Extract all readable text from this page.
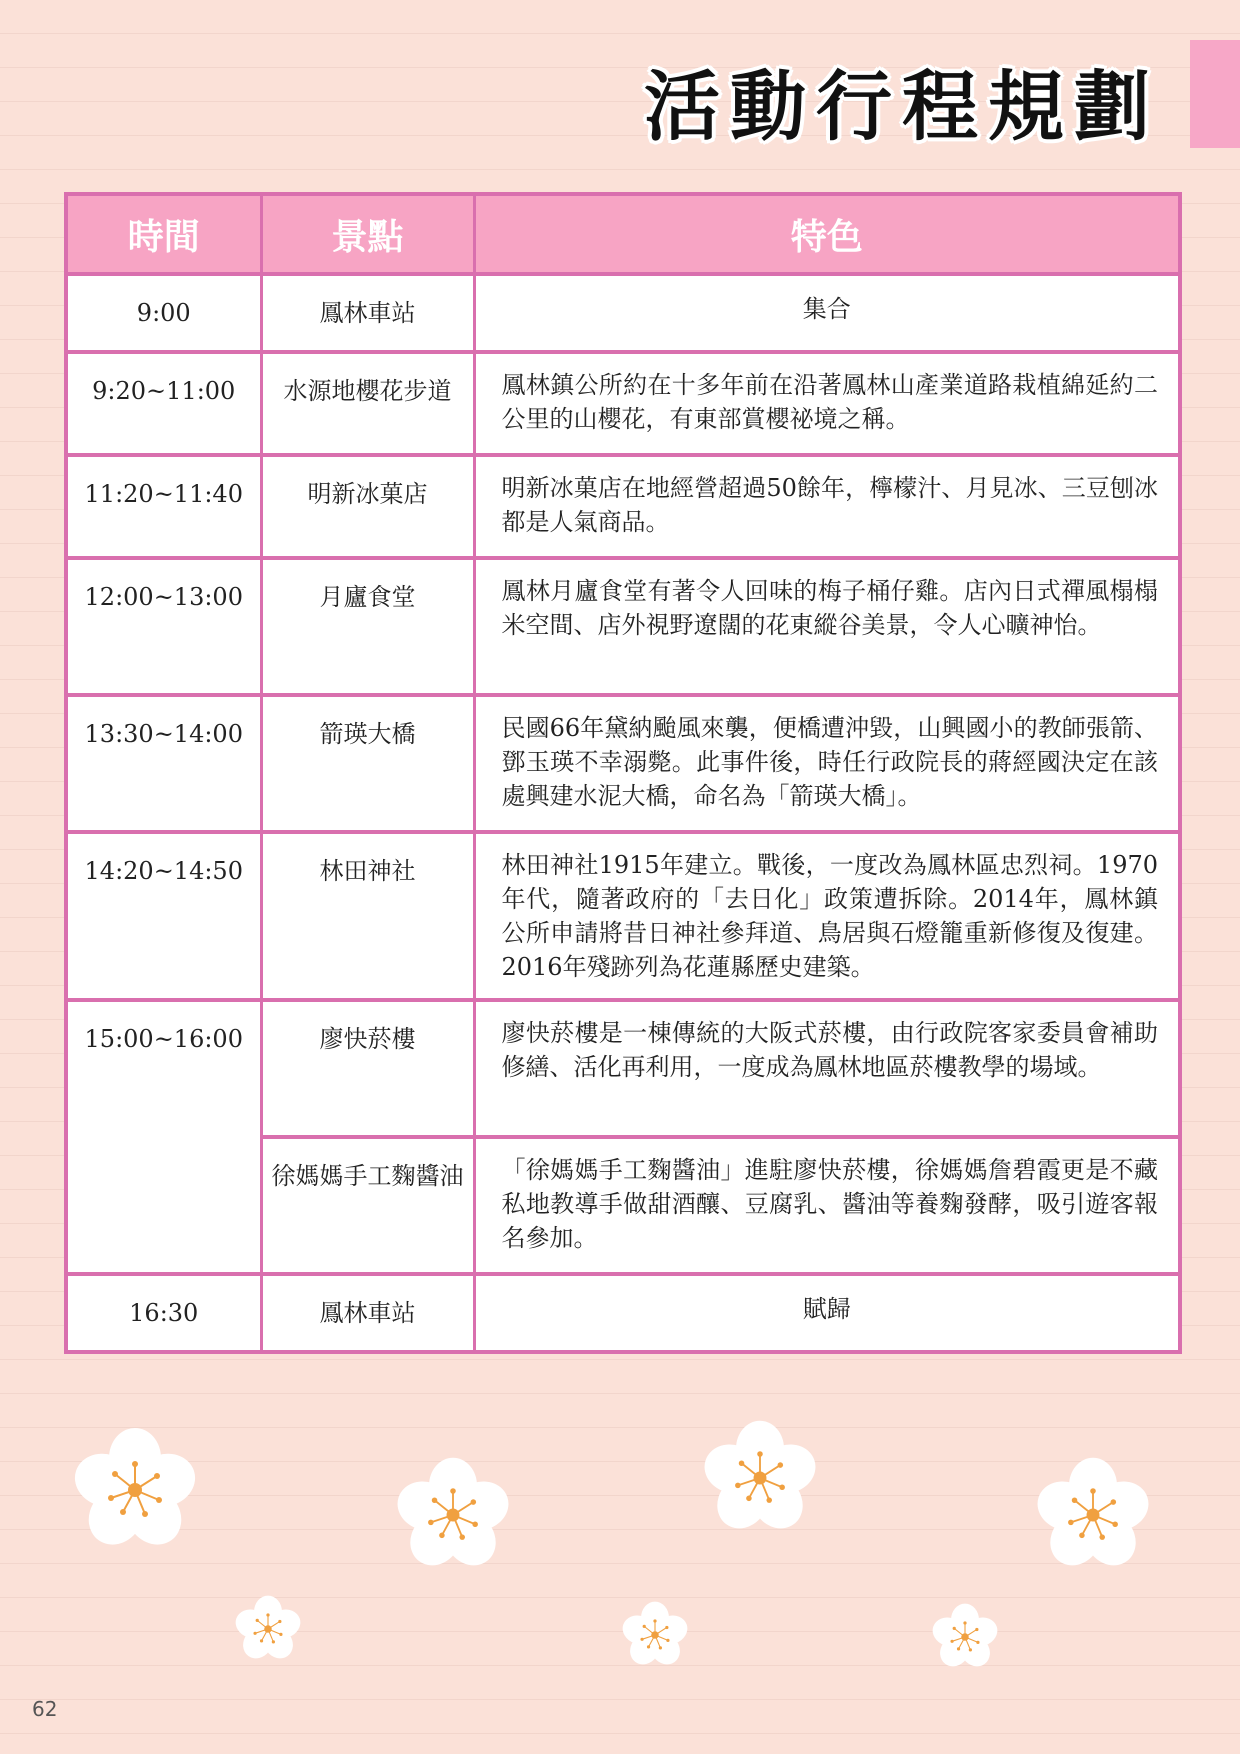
活動行程規劃
時間	景點	特色

9:00	鳳林車站	集合

9:20~11:00	水源地櫻花步道	鳳林鎮公所約在十多年前在沿著鳳林山產業道路栽植綿延約二公里的山櫻花，有東部賞櫻祕境之稱。

11:20~11:40	明新冰菓店	明新冰菓店在地經營超過50餘年，檸檬汁、月見冰、三豆刨冰都是人氣商品。

12:00~13:00	月廬食堂	鳳林月廬食堂有著令人回味的梅子桶仔雞。店內日式禪風榻榻米空間、店外視野遼闊的花東縱谷美景，令人心曠神怡。

13:30~14:00	箭瑛大橋	民國66年黛納颱風來襲，便橋遭沖毀，山興國小的教師張箭、鄧玉瑛不幸溺斃。此事件後，時任行政院長的蔣經國決定在該處興建水泥大橋，命名為「箭瑛大橋」。

14:20~14:50	林田神社	林田神社1915年建立。戰後，一度改為鳳林區忠烈祠。1970年代，隨著政府的「去日化」政策遭拆除。2014年，鳳林鎮公所申請將昔日神社參拜道、鳥居與石燈籠重新修復及復建。2016年殘跡列為花蓮縣歷史建築。

15:00~16:00	廖快菸樓	廖快菸樓是一棟傳統的大阪式菸樓，由行政院客家委員會補助修繕、活化再利用，一度成為鳳林地區菸樓教學的場域。

	徐媽媽手工麴醬油	「徐媽媽手工麴醬油」進駐廖快菸樓，徐媽媽詹碧霞更是不藏私地教導手做甜酒釀、豆腐乳、醬油等養麴發酵，吸引遊客報名參加。

16:30	鳳林車站	賦歸
62
